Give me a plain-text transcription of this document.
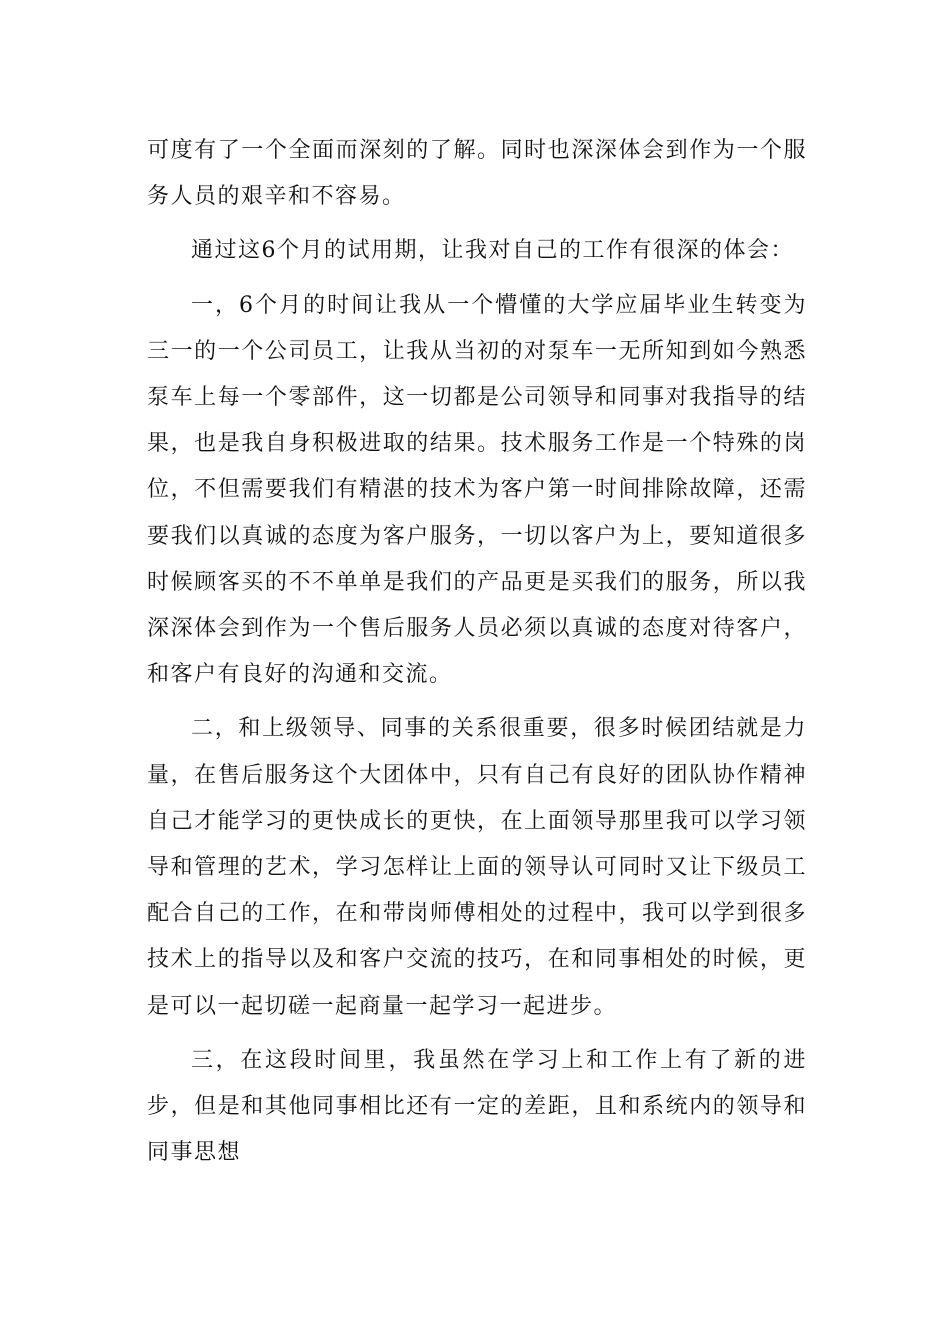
可度有了一个全面而深刻的了解。同时也深深体会到作为一个服务人员的艰辛和不容易。

通过这6个月的试用期，让我对自己的工作有很深的体会：

一，6个月的时间让我从一个懵懂的大学应届毕业生转变为三一的一个公司员工，让我从当初的对泵车一无所知到如今熟悉泵车上每一个零部件，这一切都是公司领导和同事对我指导的结果，也是我自身积极进取的结果。技术服务工作是一个特殊的岗位，不但需要我们有精湛的技术为客户第一时间排除故障，还需要我们以真诚的态度为客户服务，一切以客户为上，要知道很多时候顾客买的不不单单是我们的产品更是买我们的服务，所以我深深体会到作为一个售后服务人员必须以真诚的态度对待客户，和客户有良好的沟通和交流。

二，和上级领导、同事的关系很重要，很多时候团结就是力量，在售后服务这个大团体中，只有自己有良好的团队协作精神自己才能学习的更快成长的更快，在上面领导那里我可以学习领导和管理的艺术，学习怎样让上面的领导认可同时又让下级员工配合自己的工作，在和带岗师傅相处的过程中，我可以学到很多技术上的指导以及和客户交流的技巧，在和同事相处的时候，更是可以一起切磋一起商量一起学习一起进步。

三，在这段时间里，我虽然在学习上和工作上有了新的进步，但是和其他同事相比还有一定的差距，且和系统内的领导和同事思想
